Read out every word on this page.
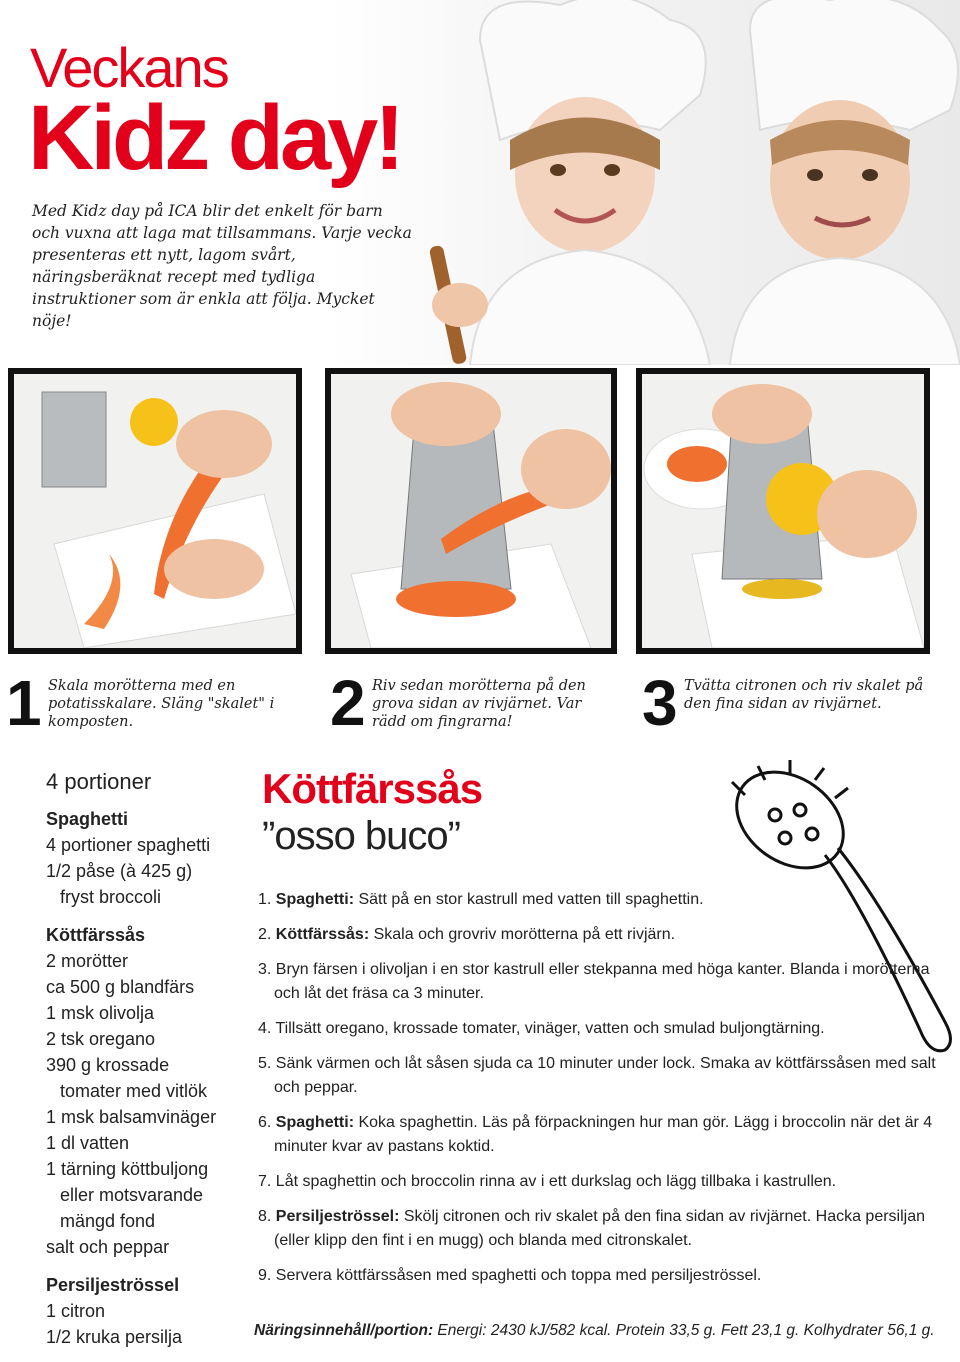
Veckans
Kidz day!

Med Kidz day på ICA blir det enkelt för barn och vuxna att laga mat tillsammans. Varje vecka presenteras ett nytt, lagom svårt, näringsberäknat recept med tydliga instruktioner som är enkla att följa. Mycket nöje!

1 Skala morötterna med en potatisskalare. Släng "skalet" i komposten.	2 Riv sedan morötterna på den grova sidan av rivjärnet. Var rädd om fingrarna!	3 Tvätta citronen och riv skalet på den fina sidan av rivjärnet.

4 portioner

Spaghetti

4 portioner spaghetti
1/2 påse (à 425 g)
fryst broccoli

Köttfärssås

2 morötter
ca 500 g blandfärs
1 msk olivolja
2 tsk oregano
390 g krossade
tomater med vitlök
1 msk balsamvinäger
1 dl vatten
1 tärning köttbuljong
eller motsvarande
mängd fond
salt och peppar

Persiljeströssel

1 citron
1/2 kruka persilja
Köttfärssås
”osso buco”
1. Spaghetti: Sätt på en stor kastrull med vatten till spaghettin.
2. Köttfärssås: Skala och grovriv morötterna på ett rivjärn.
3. Bryn färsen i olivoljan i en stor kastrull eller stekpanna med höga kanter. Blanda i morötterna och låt det fräsa ca 3 minuter.
4. Tillsätt oregano, krossade tomater, vinäger, vatten och smulad buljongtärning.
5. Sänk värmen och låt såsen sjuda ca 10 minuter under lock. Smaka av köttfärssåsen med salt och peppar.
6. Spaghetti: Koka spaghettin. Läs på förpackningen hur man gör. Lägg i broccolin när det är 4 minuter kvar av pastans koktid.
7. Låt spaghettin och broccolin rinna av i ett durkslag och lägg tillbaka i kastrullen.
8. Persiljeströssel: Skölj citronen och riv skalet på den fina sidan av rivjärnet. Hacka persiljan (eller klipp den fint i en mugg) och blanda med citronskalet.
9. Servera köttfärssåsen med spaghetti och toppa med persiljeströssel.

Näringsinnehåll/portion: Energi: 2430 kJ/582 kcal. Protein 33,5 g. Fett 23,1 g. Kolhydrater 56,1 g.
